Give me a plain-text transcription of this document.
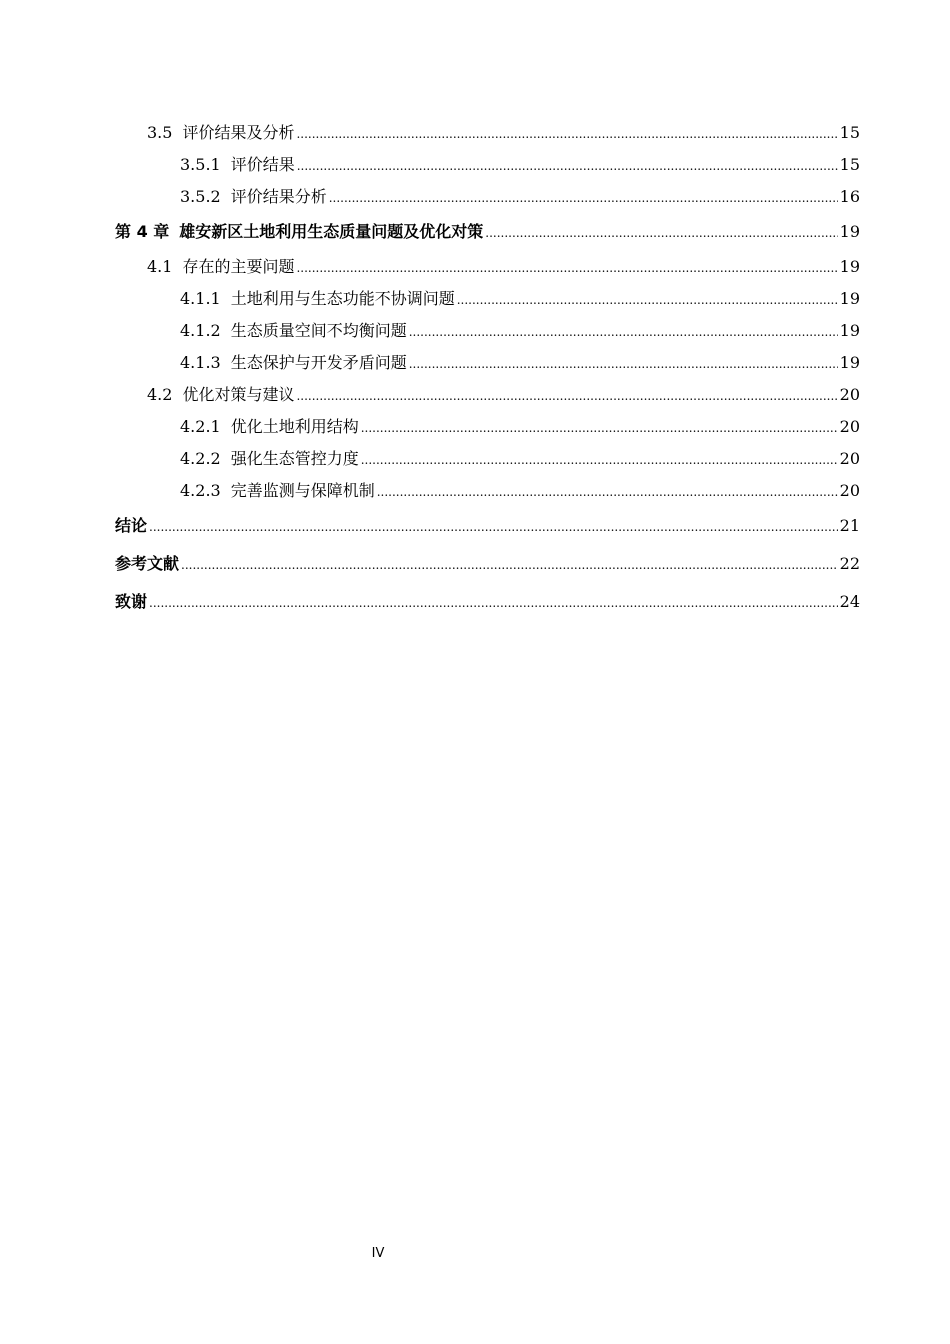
3.5 评价结果及分析 .....	15
3.5.1 评价结果 .....	15
3.5.2 评价结果分析 .....	16
第 4 章 雄安新区土地利用生态质量问题及优化对策 .....	19
4.1 存在的主要问题 .....	19
4.1.1 土地利用与生态功能不协调问题 .....	19
4.1.2 生态质量空间不均衡问题 .....	19
4.1.3 生态保护与开发矛盾问题 .....	19
4.2 优化对策与建议 .....	20
4.2.1 优化土地利用结构 .....	20
4.2.2 强化生态管控力度 .....	20
4.2.3 完善监测与保障机制 .....	20
结论 .....	21
参考文献 .....	22
致谢 .....	24
IV
